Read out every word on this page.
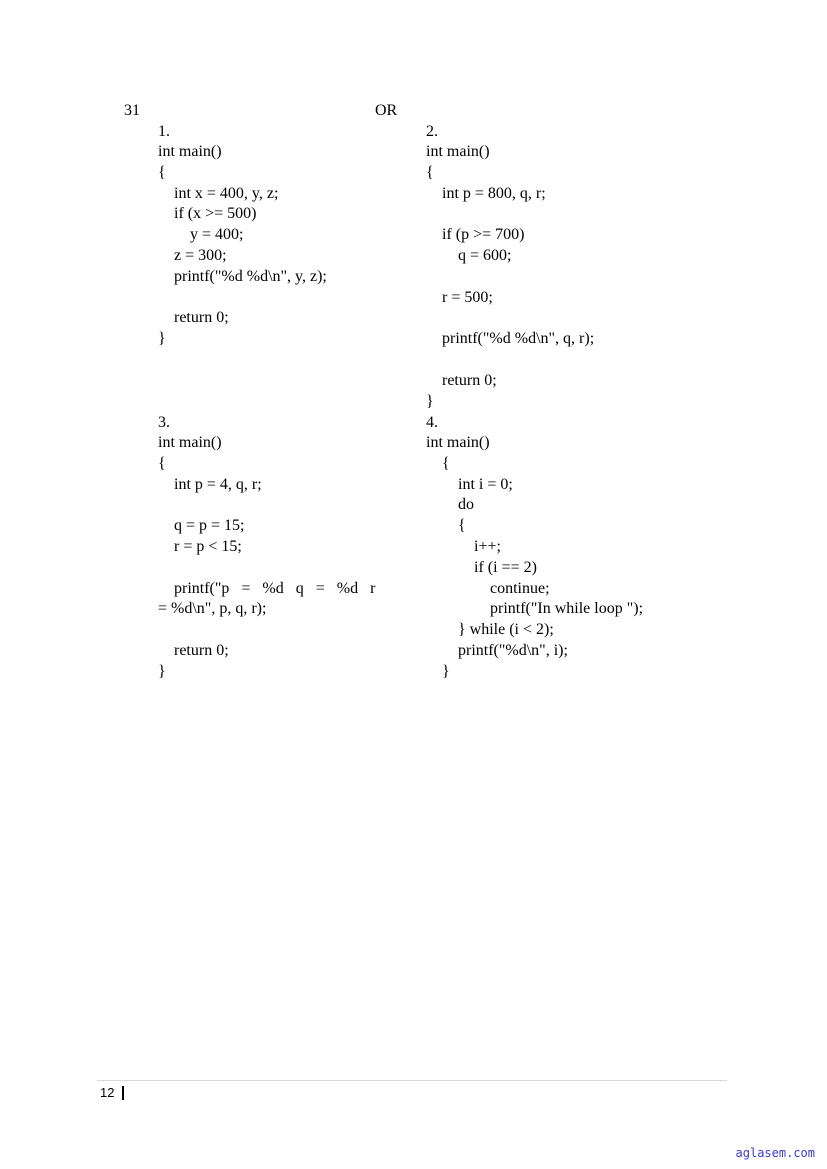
31	OR
1.
int main()
{
int x = 400, y, z;
if (x >= 500)
y = 400;
z = 300;
printf("%d %d\n", y, z);
return 0;
}
2.
int main()
{
int p = 800, q, r;
if (p >= 700)
q = 600;
r = 500;
printf("%d %d\n", q, r);
return 0;
}
3.
int main()
{
int p = 4, q, r;
q = p = 15;
r = p < 15;
printf("p   =   %d   q   =   %d   r
= %d\n", p, q, r);
return 0;
}
4.
int main()
{
int i = 0;
do
{
i++;
if (i == 2)
continue;
printf("In while loop ");
} while (i < 2);
printf("%d\n", i);
}
12
aglasem.com
